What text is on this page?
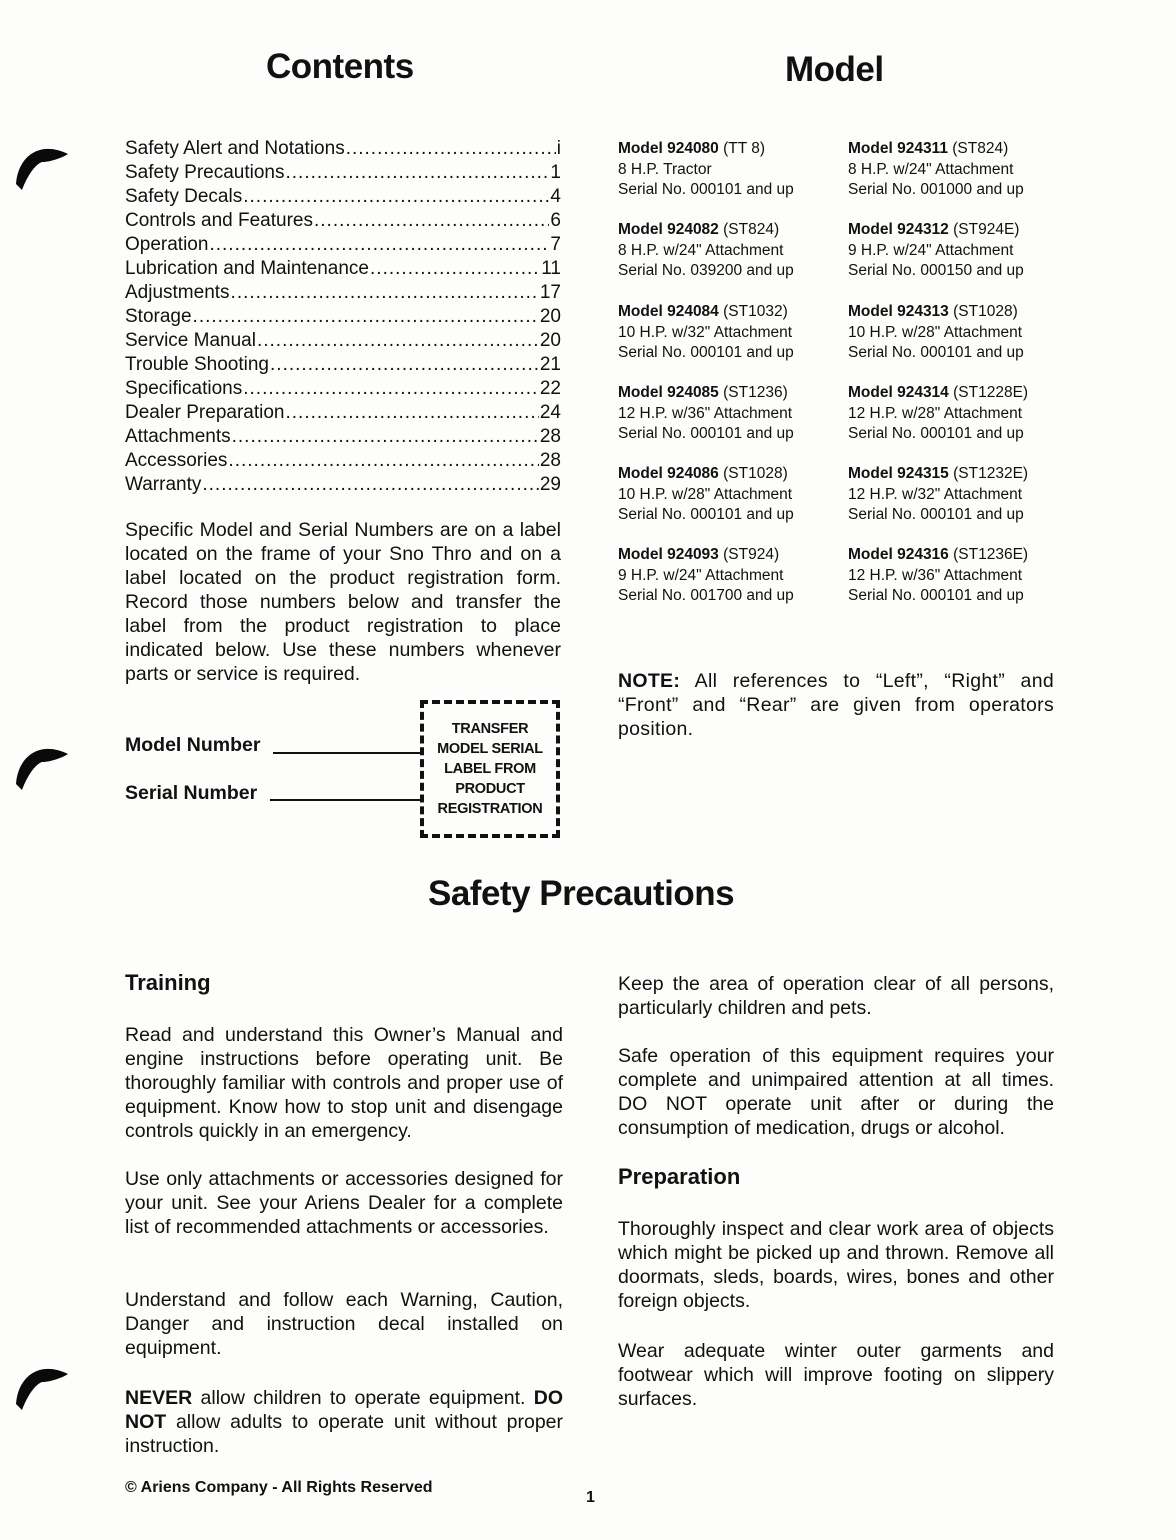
Contents	Model
Safety Alert and Notations .....	i
Safety Precautions .....	1
Safety Decals .....	4
Controls and Features .....	6
Operation .....	7
Lubrication and Maintenance .....	11
Adjustments .....	17
Storage .....	20
Service Manual .....	20
Trouble Shooting .....	21
Specifications .....	22
Dealer Preparation .....	24
Attachments .....	28
Accessories .....	28
Warranty .....	29
Specific Model and Serial Numbers are on a label located on the frame of your Sno Thro and on a label located on the product registration form. Record those numbers below and transfer the label from the product registration to place indicated below. Use these numbers whenever parts or service is required.
Model Number
Serial Number
TRANSFER
MODEL SERIAL
LABEL FROM
PRODUCT
REGISTRATION
Model 924080 (TT 8)
8 H.P. Tractor
Serial No. 000101 and up
Model 924311 (ST824)
8 H.P. w/24" Attachment
Serial No. 001000 and up
Model 924082 (ST824)
8 H.P. w/24" Attachment
Serial No. 039200 and up
Model 924312 (ST924E)
9 H.P. w/24" Attachment
Serial No. 000150 and up
Model 924084 (ST1032)
10 H.P. w/32" Attachment
Serial No. 000101 and up
Model 924313 (ST1028)
10 H.P. w/28" Attachment
Serial No. 000101 and up
Model 924085 (ST1236)
12 H.P. w/36" Attachment
Serial No. 000101 and up
Model 924314 (ST1228E)
12 H.P. w/28" Attachment
Serial No. 000101 and up
Model 924086 (ST1028)
10 H.P. w/28" Attachment
Serial No. 000101 and up
Model 924315 (ST1232E)
12 H.P. w/32" Attachment
Serial No. 000101 and up
Model 924093 (ST924)
9 H.P. w/24" Attachment
Serial No. 001700 and up
Model 924316 (ST1236E)
12 H.P. w/36" Attachment
Serial No. 000101 and up
NOTE: All references to “Left”, “Right” and “Front” and “Rear” are given from operators position.
Safety Precautions
Training
Read and understand this Owner’s Manual and engine instructions before operating unit. Be thoroughly familiar with controls and proper use of equipment. Know how to stop unit and disengage controls quickly in an emergency.
Use only attachments or accessories designed for your unit. See your Ariens Dealer for a complete list of recommended attachments or accessories.
Understand and follow each Warning, Caution, Danger and instruction decal installed on equipment.
NEVER allow children to operate equipment. DO NOT allow adults to operate unit without proper instruction.
Keep the area of operation clear of all persons, particularly children and pets.
Safe operation of this equipment requires your complete and unimpaired attention at all times. DO NOT operate unit after or during the consumption of medication, drugs or alcohol.
Preparation
Thoroughly inspect and clear work area of objects which might be picked up and thrown. Remove all doormats, sleds, boards, wires, bones and other foreign objects.
Wear adequate winter outer garments and footwear which will improve footing on slippery surfaces.
© Ariens Company - All Rights Reserved
1
